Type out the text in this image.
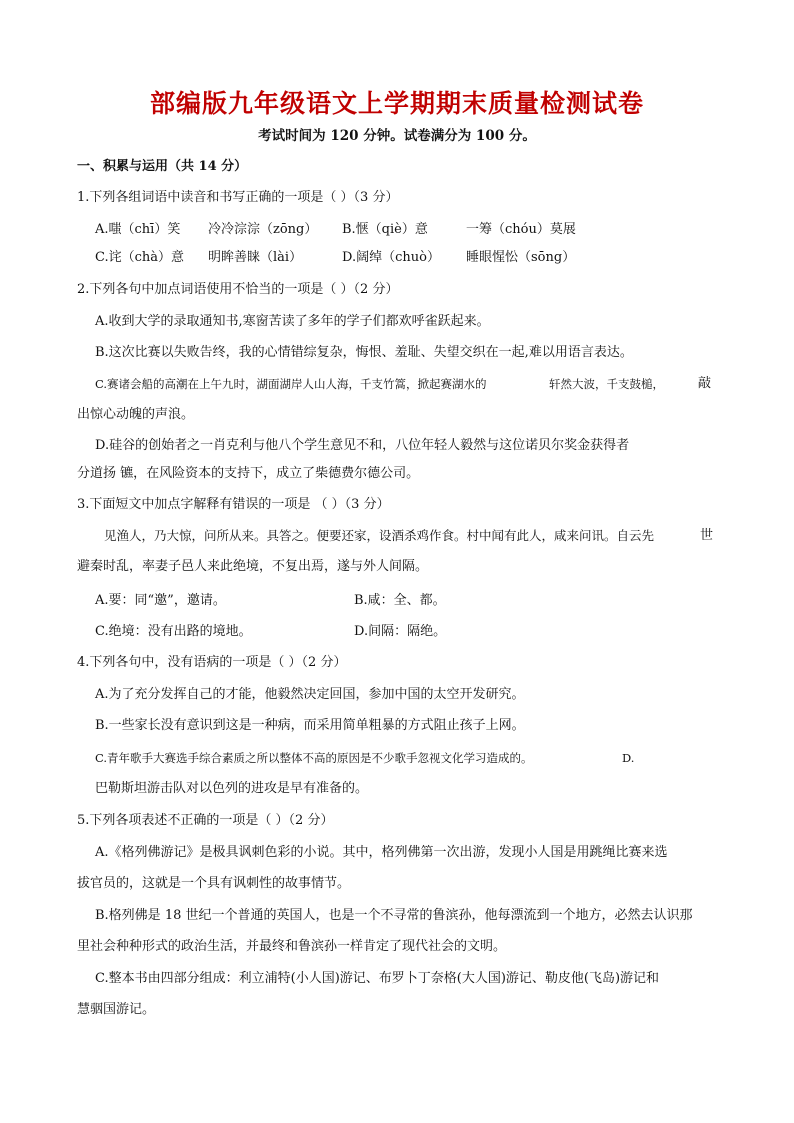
部编版九年级语文上学期期末质量检测试卷
考试时间为 120 分钟。试卷满分为 100 分。
一、积累与运用（共 14 分）
1.下列各组词语中读音和书写正确的一项是（ ）（3 分）
A.嗤（chī）笑 冷冷淙淙（zōng） B.惬（qiè）意	一筹（chóu）莫展
C.诧（chà）意 明眸善睐（lài）	D.阔绰（chuò） 睡眼惺忪（sōng）
2.下列各句中加点词语使用不恰当的一项是（ ）（2 分）
A.收到大学的录取通知书,寒窗苦读了多年的学子们都欢呼雀跃起来。
B.这次比赛以失败告终，我的心情错综复杂，悔恨、羞耻、失望交织在一起,难以用语言表达。
C.赛诸会船的高潮在上午九时，湖面湖岸人山人海，千支竹篙，掀起赛湖水的	轩然大波，千支鼓槌，	敲
出惊心动魄的声浪。
D.硅谷的创始者之一肖克利与他八个学生意见不和，八位年轻人毅然与这位诺贝尔奖金获得者
分道扬 镳，在风险资本的支持下，成立了柴德费尔德公司。
3.下面短文中加点字解释有错误的一项是 （ ）（3 分）
见渔人，乃大惊，问所从来。具答之。便要还家，设酒杀鸡作食。村中闻有此人，咸来问讯。自云先	世
避秦时乱，率妻子邑人来此绝境，不复出焉，遂与外人间隔。
A.要：同“邀”，邀请。	B.咸：全、都。
C.绝境：没有出路的境地。	D.间隔：隔绝。
4.下列各句中，没有语病的一项是（ ）（2 分）
A.为了充分发挥自己的才能，他毅然决定回国，参加中国的太空开发研究。
B.一些家长没有意识到这是一种病，而采用简单粗暴的方式阻止孩子上网。
C.青年歌手大赛选手综合素质之所以整体不高的原因是不少歌手忽视文化学习造成的。	D.
巴勒斯坦游击队对以色列的进攻是早有准备的。
5.下列各项表述不正确的一项是（ ）（2 分）
A.《格列佛游记》是极具讽刺色彩的小说。其中，格列佛第一次出游，发现小人国是用跳绳比赛来选
拔官员的，这就是一个具有讽刺性的故事情节。
B.格列佛是 18 世纪一个普通的英国人，也是一个不寻常的鲁滨孙，他每漂流到一个地方，必然去认识那
里社会种种形式的政治生活，并最终和鲁滨孙一样肯定了现代社会的文明。
C.整本书由四部分组成：利立浦特(小人国)游记、布罗卜丁奈格(大人国)游记、勒皮他(飞岛)游记和
慧骃国游记。
